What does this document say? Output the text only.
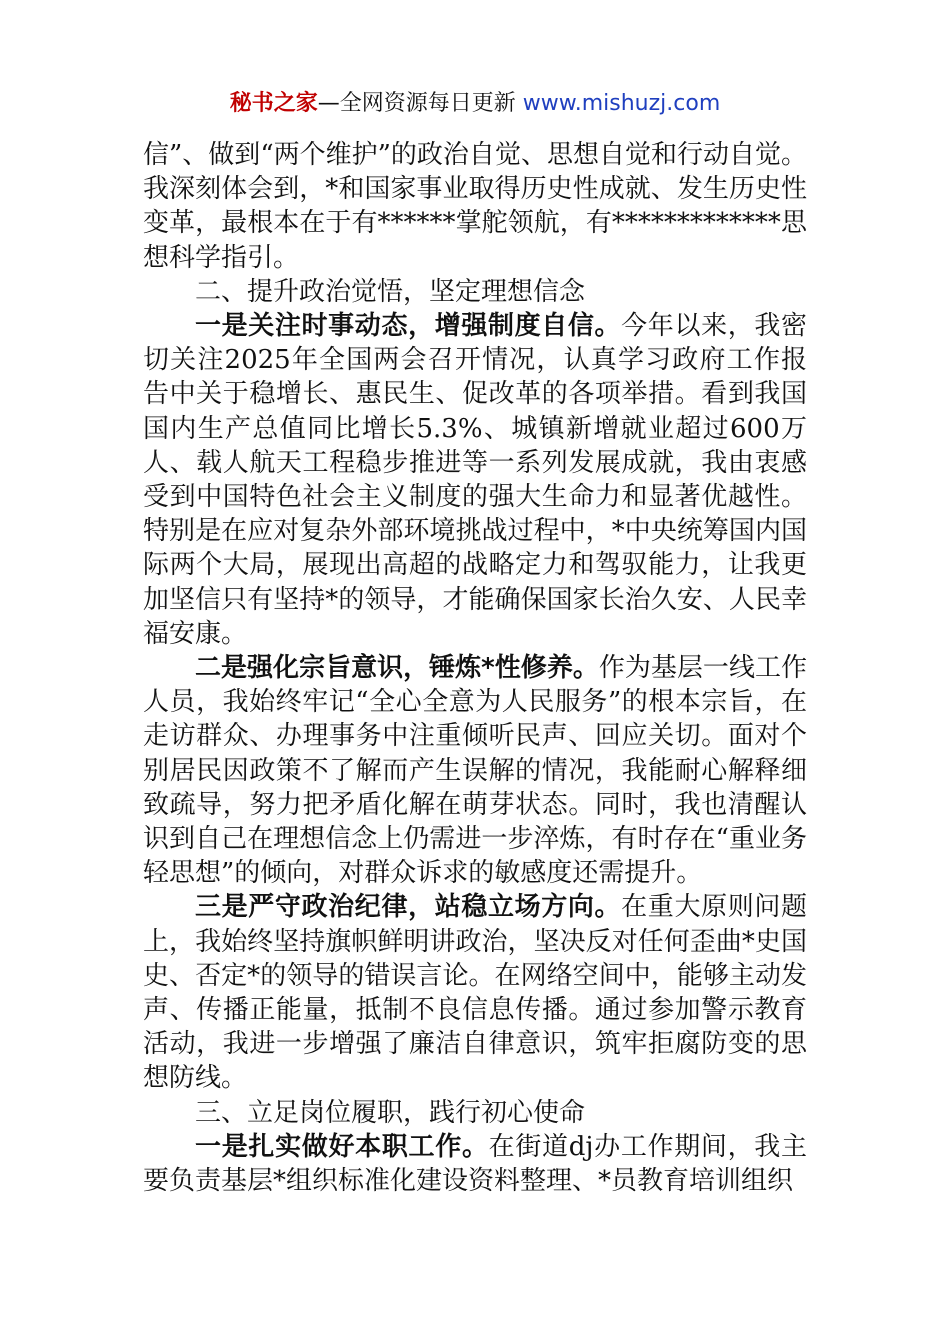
秘书之家—全网资源每日更新 www.mishuzj.com

信”、做到“两个维护”的政治自觉、思想自觉和行动自觉。我深刻体会到，*和国家事业取得历史性成就、发生历史性变革，最根本在于有******掌舵领航，有*************思想科学指引。

二、提升政治觉悟，坚定理想信念

一是关注时事动态，增强制度自信。今年以来，我密切关注2025年全国两会召开情况，认真学习政府工作报告中关于稳增长、惠民生、促改革的各项举措。看到我国国内生产总值同比增长5.3%、城镇新增就业超过600万人、载人航天工程稳步推进等一系列发展成就，我由衷感受到中国特色社会主义制度的强大生命力和显著优越性。特别是在应对复杂外部环境挑战过程中，*中央统筹国内国际两个大局，展现出高超的战略定力和驾驭能力，让我更加坚信只有坚持*的领导，才能确保国家长治久安、人民幸福安康。

二是强化宗旨意识，锤炼*性修养。作为基层一线工作人员，我始终牢记“全心全意为人民服务”的根本宗旨，在走访群众、办理事务中注重倾听民声、回应关切。面对个别居民因政策不了解而产生误解的情况，我能耐心解释细致疏导，努力把矛盾化解在萌芽状态。同时，我也清醒认识到自己在理想信念上仍需进一步淬炼，有时存在“重业务轻思想”的倾向，对群众诉求的敏感度还需提升。

三是严守政治纪律，站稳立场方向。在重大原则问题上，我始终坚持旗帜鲜明讲政治，坚决反对任何歪曲*史国史、否定*的领导的错误言论。在网络空间中，能够主动发声、传播正能量，抵制不良信息传播。通过参加警示教育活动，我进一步增强了廉洁自律意识，筑牢拒腐防变的思想防线。

三、立足岗位履职，践行初心使命

一是扎实做好本职工作。在街道dj办工作期间，我主要负责基层*组织标准化建设资料整理、*员教育培训组织
